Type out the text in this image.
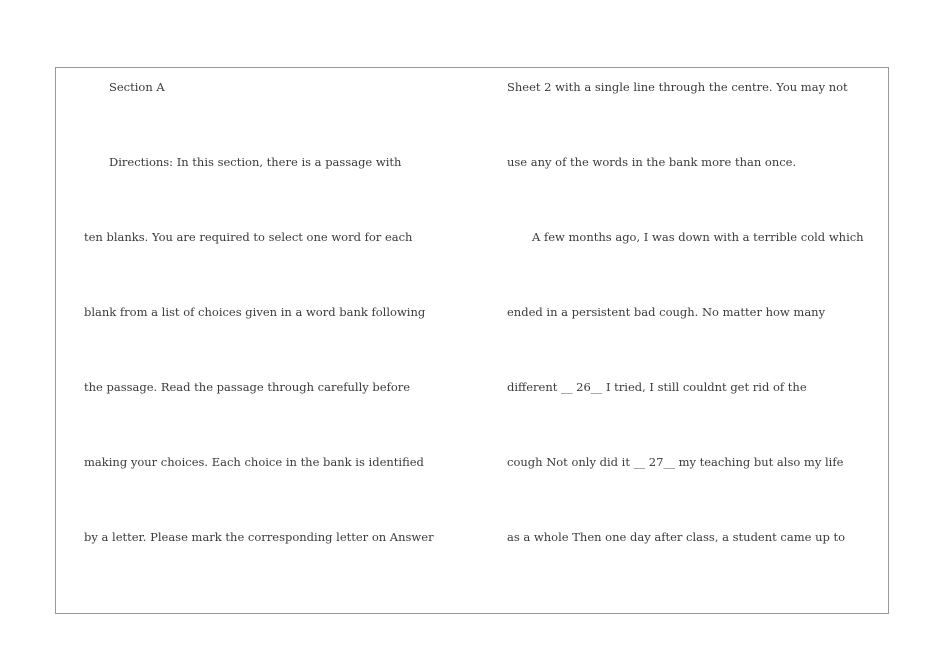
Section A
Directions: In this section, there is a passage with
ten blanks. You are required to select one word for each
blank from a list of choices given in a word bank following
the passage. Read the passage through carefully before
making your choices. Each choice in the bank is identified
by a letter. Please mark the corresponding letter on Answer
Sheet 2 with a single line through the centre. You may not
use any of the words in the bank more than once.
A few months ago, I was down with a terrible cold which
ended in a persistent bad cough. No matter how many
different __ 26__ I tried, I still couldnt get rid of the
cough Not only did it __ 27__ my teaching but also my life
as a whole Then one day after class, a student came up to
